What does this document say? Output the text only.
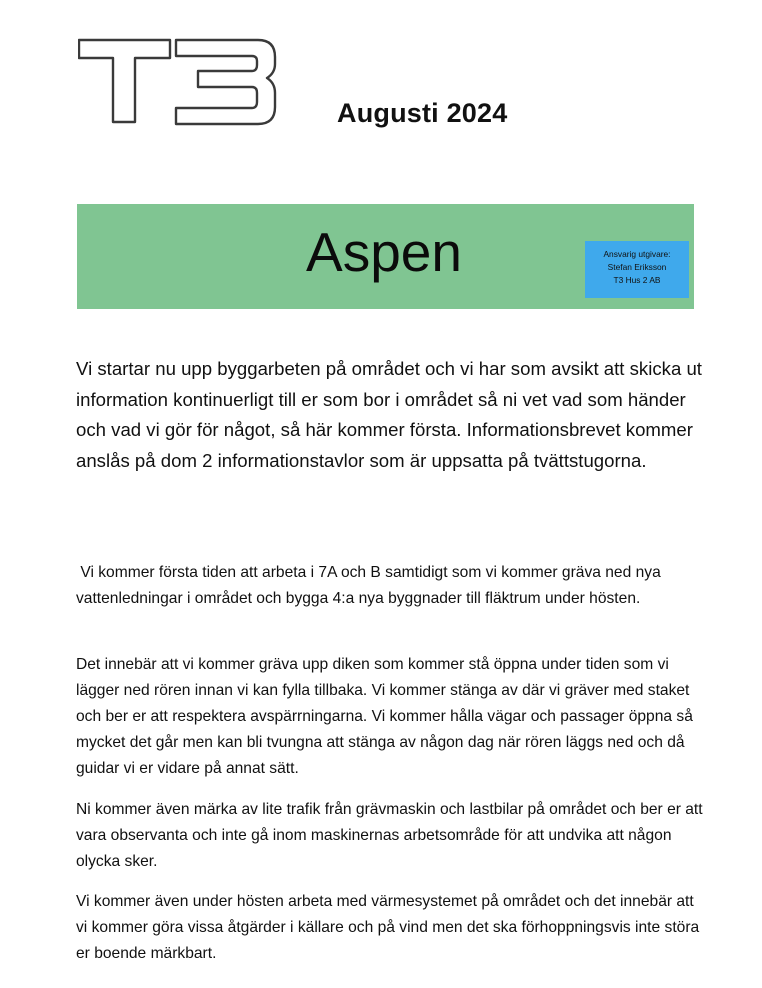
Augusti 2024
Aspen	Ansvarig utgivare:
Stefan Eriksson
T3 Hus 2 AB

Vi startar nu upp byggarbeten på området och vi har som avsikt att skicka ut information kontinuerligt till er som bor i området så ni vet vad som händer och vad vi gör för något, så här kommer första. Informationsbrevet kommer anslås på dom 2 informationstavlor som är uppsatta på tvättstugorna.

Vi kommer första tiden att arbeta i 7A och B samtidigt som vi kommer gräva ned nya vattenledningar i området och bygga 4:a nya byggnader till fläktrum under hösten.

Det innebär att vi kommer gräva upp diken som kommer stå öppna under tiden som vi lägger ned rören innan vi kan fylla tillbaka. Vi kommer stänga av där vi gräver med staket och ber er att respektera avspärrningarna. Vi kommer hålla vägar och passager öppna så mycket det går men kan bli tvungna att stänga av någon dag när rören läggs ned och då guidar vi er vidare på annat sätt.

Ni kommer även märka av lite trafik från grävmaskin och lastbilar på området och ber er att vara observanta och inte gå inom maskinernas arbetsområde för att undvika att någon olycka sker.

Vi kommer även under hösten arbeta med värmesystemet på området och det innebär att vi kommer göra vissa åtgärder i källare och på vind men det ska förhoppningsvis inte störa er boende märkbart.
